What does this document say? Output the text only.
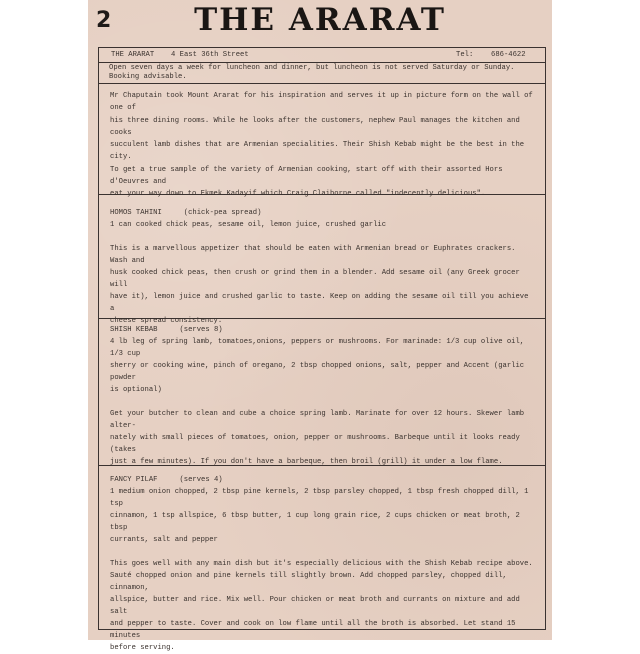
2	THE ARARAT
THE ARARAT 4 East 36th Street	Tel: 686-4622
Open seven days a week for luncheon and dinner, but luncheon is not served Saturday or Sunday. Booking advisable.

Mr Chaputain took Mount Ararat for his inspiration and serves it up in picture form on the wall of one of

his three dining rooms. While he looks after the customers, nephew Paul manages the kitchen and cooks

succulent lamb dishes that are Armenian specialities. Their Shish Kebab might be the best in the city.

To get a true sample of the variety of Armenian cooking, start off with their assorted Hors d'Oeuvres and

eat your way down to Ekmek Kadayif which Craig Claiborne called "indecently delicious".

HOMOS TAHINI	(chick-pea spread)

1 can cooked chick peas, sesame oil, lemon juice, crushed garlic

This is a marvellous appetizer that should be eaten with Armenian bread or Euphrates crackers. Wash and

husk cooked chick peas, then crush or grind them in a blender. Add sesame oil (any Greek grocer will

have it), lemon juice and crushed garlic to taste. Keep on adding the sesame oil till you achieve a

cheese spread consistency.

SHISH KEBAB	(serves 8)

4 lb leg of spring lamb, tomatoes,onions, peppers or mushrooms. For marinade: 1/3 cup olive oil, 1/3 cup

sherry or cooking wine, pinch of oregano, 2 tbsp chopped onions, salt, pepper and Accent (garlic powder

is optional)

Get your butcher to clean and cube a choice spring lamb. Marinate for over 12 hours. Skewer lamb alter-

nately with small pieces of tomatoes, onion, pepper or mushrooms. Barbeque until it looks ready (takes

just a few minutes). If you don't have a barbeque, then broil (grill) it under a low flame.

FANCY PILAF	(serves 4)

1 medium onion chopped, 2 tbsp pine kernels, 2 tbsp parsley chopped, 1 tbsp fresh chopped dill, 1 tsp

cinnamon, 1 tsp allspice, 6 tbsp butter, 1 cup long grain rice, 2 cups chicken or meat broth, 2 tbsp

currants, salt and pepper

This goes well with any main dish but it's especially delicious with the Shish Kebab recipe above.

Sauté chopped onion and pine kernels till slightly brown. Add chopped parsley, chopped dill, cinnamon,

allspice, butter and rice. Mix well. Pour chicken or meat broth and currants on mixture and add salt

and pepper to taste. Cover and cook on low flame until all the broth is absorbed. Let stand 15 minutes

before serving.
